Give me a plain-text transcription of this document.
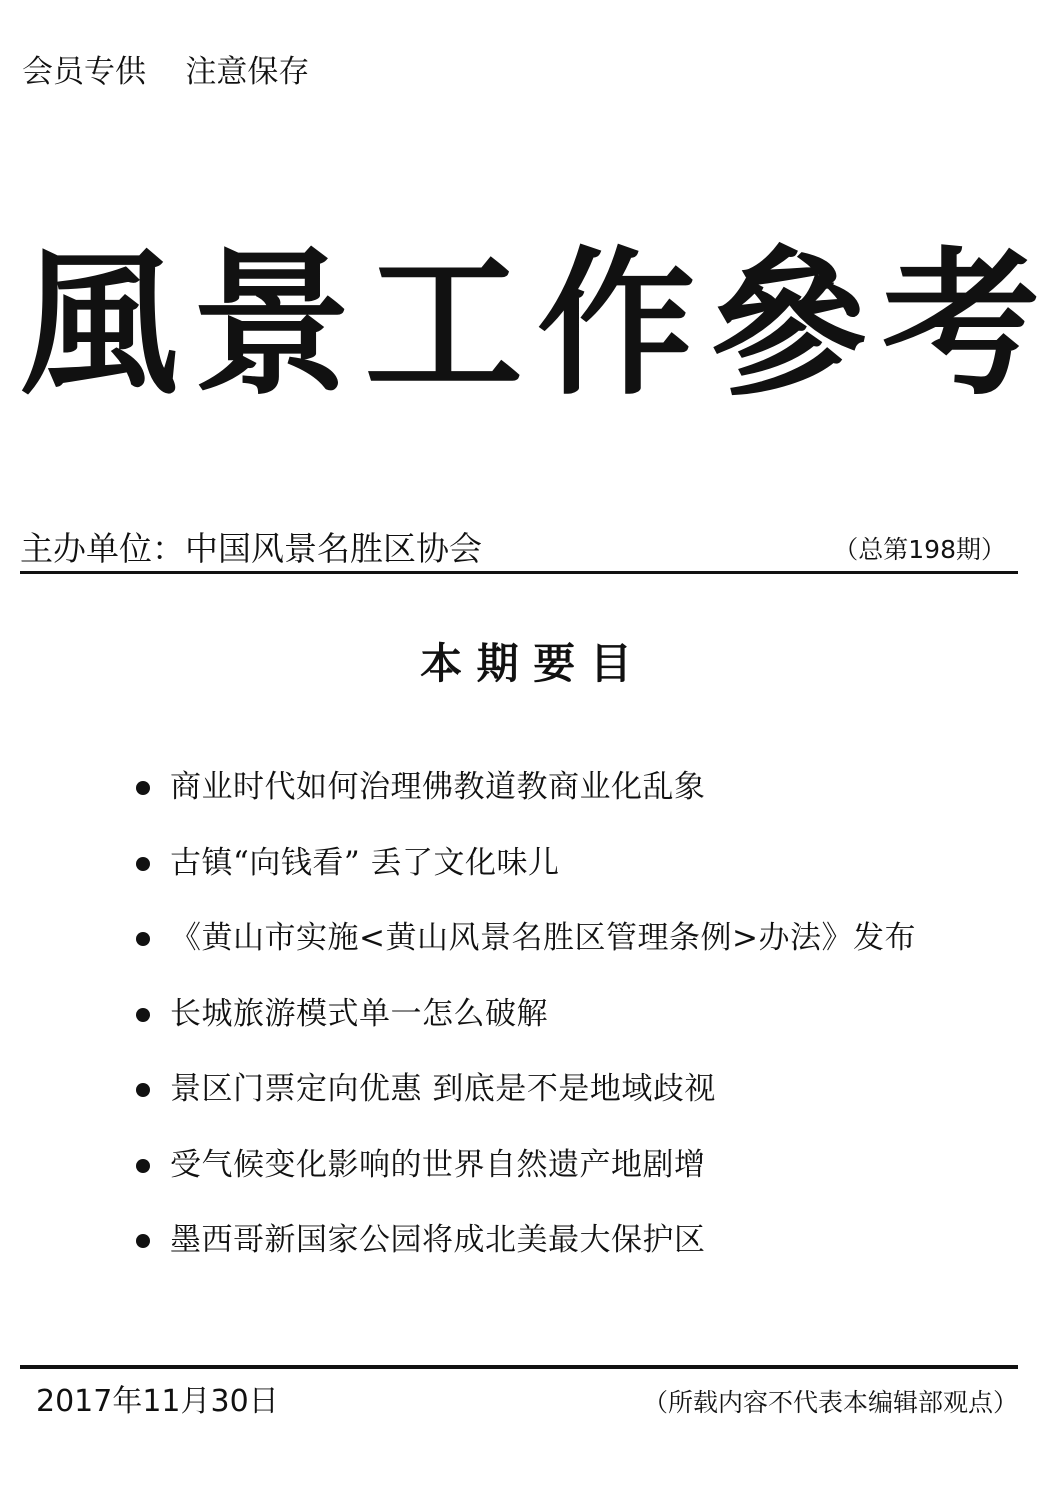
会员专供    注意保存

風 景 工 作 參 考
主办单位：中国风景名胜区协会	（总第198期）
本 期 要 目
商业时代如何治理佛教道教商业化乱象
古镇“向钱看” 丢了文化味儿
《黄山市实施<黄山风景名胜区管理条例>办法》发布
长城旅游模式单一怎么破解
景区门票定向优惠 到底是不是地域歧视
受气候变化影响的世界自然遗产地剧增
墨西哥新国家公园将成北美最大保护区

2017年11月30日	（所载内容不代表本编辑部观点）
